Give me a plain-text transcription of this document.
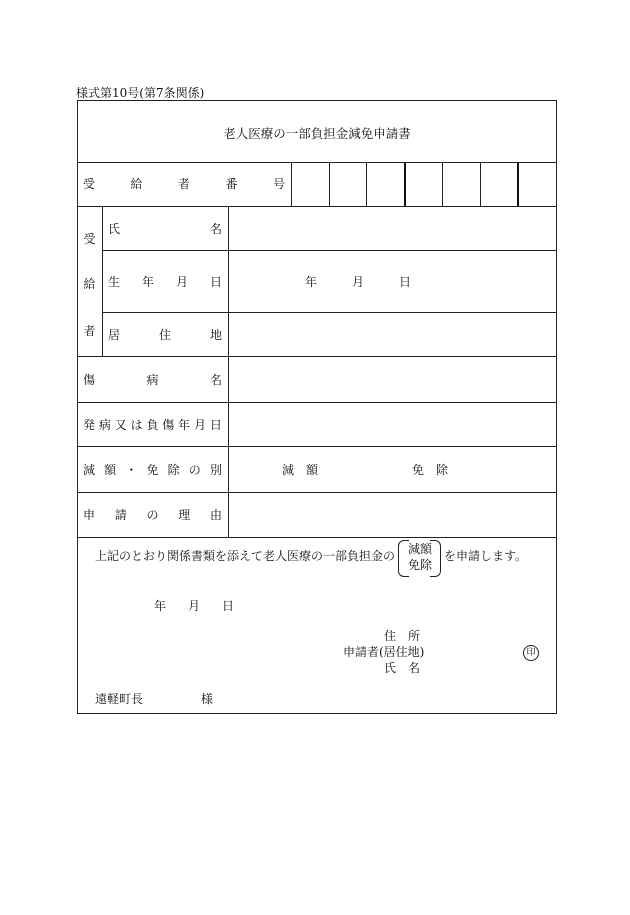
様式第10号(第7条関係)
老人医療の一部負担金減免申請書
受	給	者	番	号
受
給
者
氏	名
生 年 月 日	年	月	日
居	住	地
傷	病	名
発 病 又 は 負 傷 年 月 日
減 額 ・ 免 除 の 別	減　額	免　除
申 請 の 理 由
上記のとおり関係書類を添えて老人医療の一部負担金の 減額
免除
を申請します。
年 月 日
住　所
申請者(居住地)
氏　名
印
遠軽町長	様
